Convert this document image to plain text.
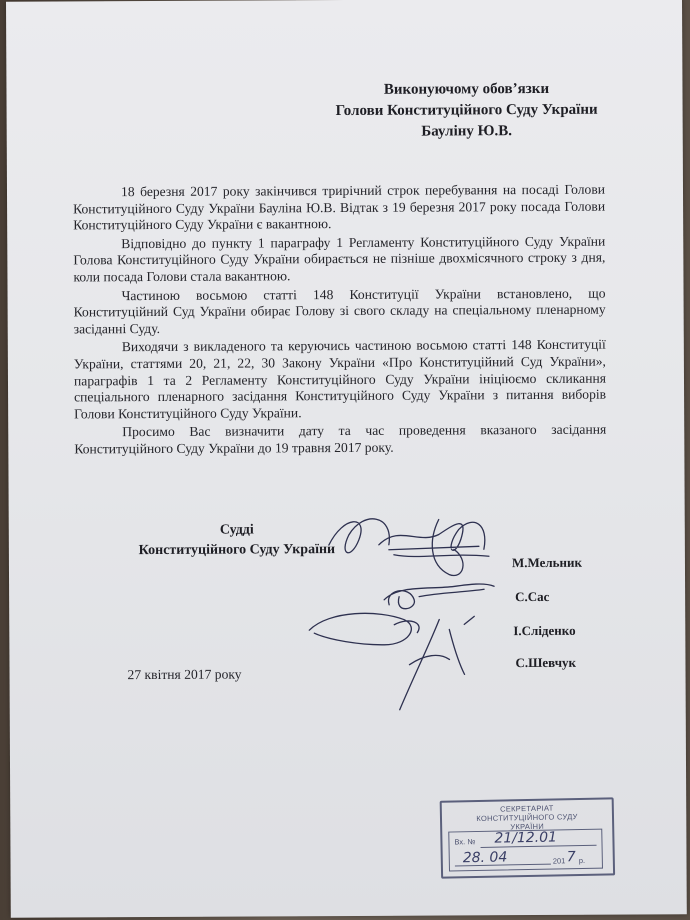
Виконуючому обов’язки
Голови Конституційного Суду України
Бауліну Ю.В.

18 березня 2017 року закінчився трирічний строк перебування на посаді Голови Конституційного Суду України Бауліна Ю.В. Відтак з 19 березня 2017 року посада Голови Конституційного Суду України є вакантною.

Відповідно до пункту 1 параграфу 1 Регламенту Конституційного Суду України Голова Конституційного Суду України обирається не пізніше двохмісячного строку з дня, коли посада Голови стала вакантною.

Частиною восьмою статті 148 Конституції України встановлено, що Конституційний Суд України обирає Голову зі свого складу на спеціальному пленарному засіданні Суду.

Виходячи з викладеного та керуючись частиною восьмою статті 148 Конституції України, статтями 20, 21, 22, 30 Закону України «Про Конституційний Суд України», параграфів 1 та 2 Регламенту Конституційного Суду України ініціюємо скликання спеціального пленарного засідання Конституційного Суду України з питання виборів Голови Конституційного Суду України.

Просимо Вас визначити дату та час проведення вказаного засідання Конституційного Суду України до 19 травня 2017 року.

Судді
Конституційного Суду України
М.Мельник
С.Сас
І.Сліденко
С.Шевчук
27 квітня 2017 року
СЕКРЕТАРІАТ
КОНСТИТУЦІЙНОГО СУДУ
УКРАЇНИ
Вх. № 21/12.01
28. 04	201 7 р.
